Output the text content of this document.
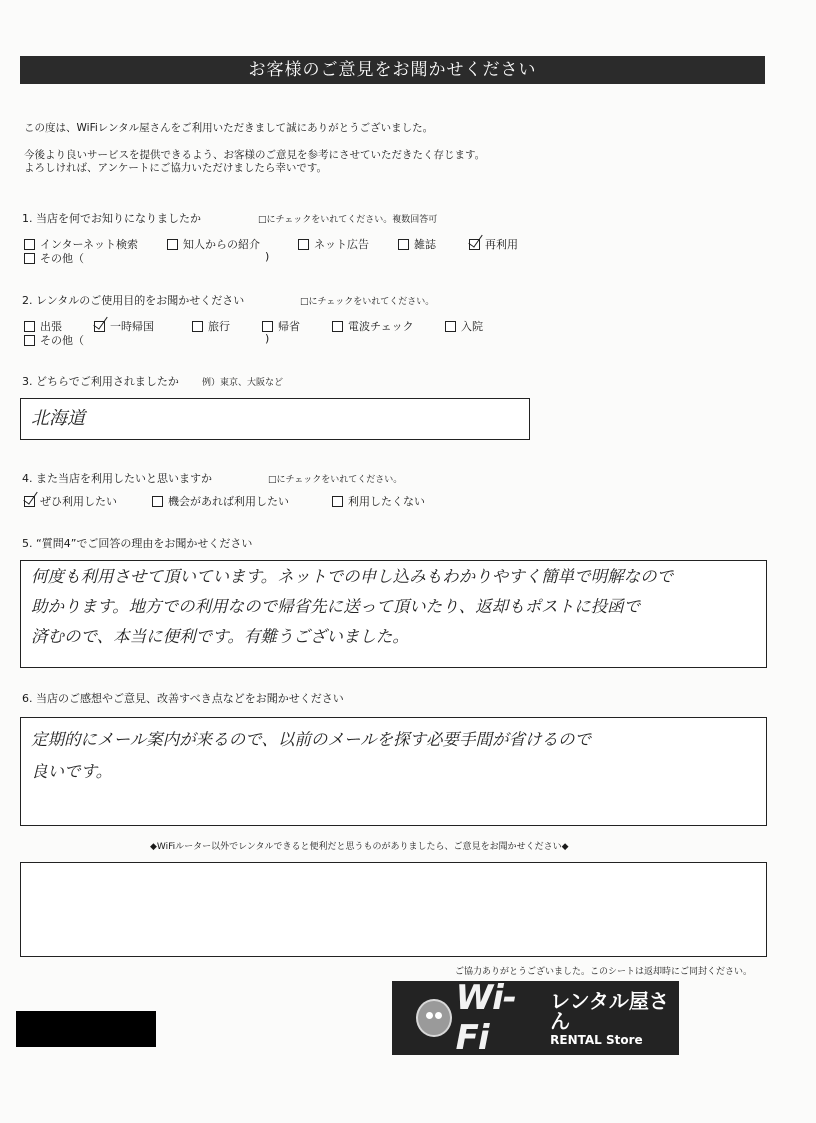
お客様のご意見をお聞かせください
この度は、WiFiレンタル屋さんをご利用いただきまして誠にありがとうございました。
今後より良いサービスを提供できるよう、お客様のご意見を参考にさせていただきたく存じます。
よろしければ、アンケートにご協力いただけましたら幸いです。
1. 当店を何でお知りになりましたか	□にチェックをいれてください。複数回答可
インターネット検索	知人からの紹介	ネット広告	雑誌	再利用
その他（	)
2. レンタルのご使用目的をお聞かせください	□にチェックをいれてください。
出張	一時帰国	旅行	帰省	電波チェック	入院
その他（	)
3. どちらでご利用されましたか	例）東京、大阪など
北海道
4. また当店を利用したいと思いますか	□にチェックをいれてください。
ぜひ利用したい	機会があれば利用したい	利用したくない
5. “質問4”でご回答の理由をお聞かせください
何度も利用させて頂いています。ネットでの申し込みもわかりやすく簡単で明解なので
助かります。地方での利用なので帰省先に送って頂いたり、返却もポストに投函で
済むので、本当に便利です。有難うございました。
6. 当店のご感想やご意見、改善すべき点などをお聞かせください
定期的にメール案内が来るので、以前のメールを探す必要手間が省けるので
良いです。
◆WiFiルーター以外でレンタルできると便利だと思うものがありましたら、ご意見をお聞かせください◆
ご協力ありがとうございました。このシートは返却時にご同封ください。
Wi-Fi
レンタル屋さん
RENTAL Store
